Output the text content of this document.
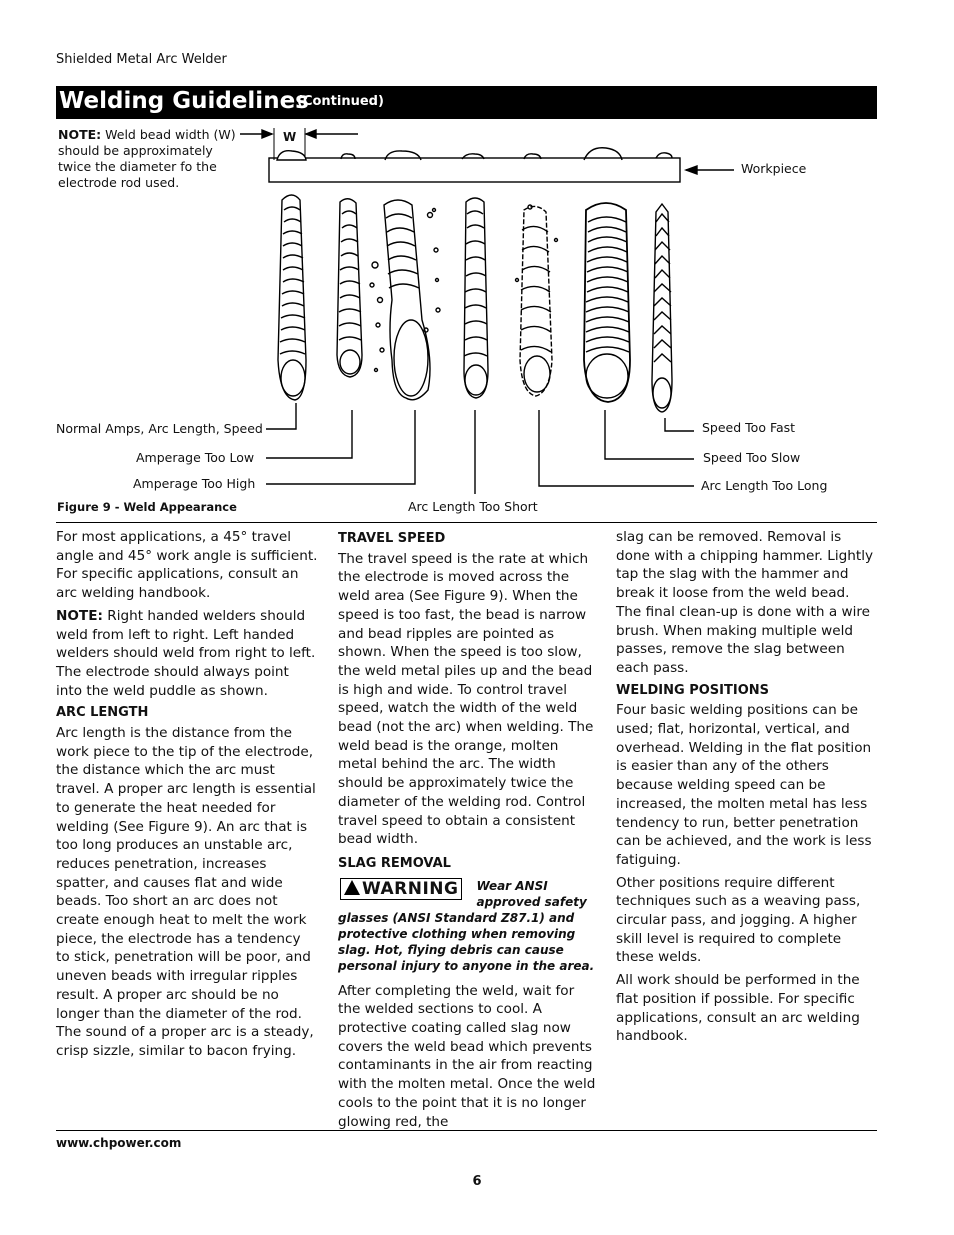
Shielded Metal Arc Welder
Welding Guidelines
(Continued)
NOTE: Weld bead width (W) should be approximately twice the diameter fo the electrode rod used.
W
Workpiece
Normal Amps, Arc Length, Speed
Amperage Too Low
Amperage Too High
Arc Length Too Short
Speed Too Fast
Speed Too Slow
Arc Length Too Long
Figure 9 - Weld Appearance

For most applications, a 45° travel angle and 45° work angle is sufficient. For specific applications, consult an arc welding handbook.

NOTE: Right handed welders should weld from left to right. Left handed welders should weld from right to left. The electrode should always point into the weld puddle as shown.

ARC LENGTH

Arc length is the distance from the work piece to the tip of the electrode, the distance which the arc must travel. A proper arc length is essential to generate the heat needed for welding (See Figure 9). An arc that is too long produces an unstable arc, reduces penetration, increases spatter, and causes flat and wide beads. Too short an arc does not create enough heat to melt the work piece, the electrode has a tendency to stick, penetration will be poor, and uneven beads with irregular ripples result. A proper arc should be no longer than the diameter of the rod. The sound of a proper arc is a steady, crisp sizzle, similar to bacon frying.

TRAVEL SPEED

The travel speed is the rate at which the electrode is moved across the weld area (See Figure 9). When the speed is too fast, the bead is narrow and bead ripples are pointed as shown. When the speed is too slow, the weld metal piles up and the bead is high and wide. To control travel speed, watch the width of the weld bead (not the arc) when welding. The weld bead is the orange, molten metal behind the arc. The width should be approximately twice the diameter of the welding rod. Control travel speed to obtain a consistent bead width.

SLAG REMOVAL
WARNING	Wear ANSI approved safety glasses (ANSI Standard Z87.1) and protective clothing when removing slag. Hot, flying debris can cause personal injury to anyone in the area.

After completing the weld, wait for the welded sections to cool. A protective coating called slag now covers the weld bead which prevents contaminants in the air from reacting with the molten metal. Once the weld cools to the point that it is no longer glowing red, the

slag can be removed. Removal is done with a chipping hammer. Lightly tap the slag with the hammer and break it loose from the weld bead. The final clean-up is done with a wire brush. When making multiple weld passes, remove the slag between each pass.

WELDING POSITIONS

Four basic welding positions can be used; flat, horizontal, vertical, and overhead. Welding in the flat position is easier than any of the others because welding speed can be increased, the molten metal has less tendency to run, better penetration can be achieved, and the work is less fatiguing.

Other positions require different techniques such as a weaving pass, circular pass, and jogging. A higher skill level is required to complete these welds.

All work should be performed in the flat position if possible. For specific applications, consult an arc welding handbook.

www.chpower.com
6
